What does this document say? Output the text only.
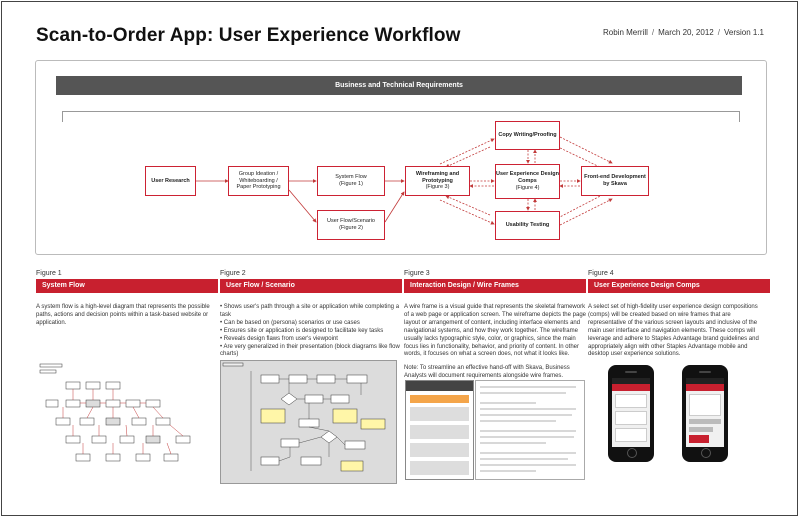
Scan-to-Order App: User Experience Workflow	Robin Merrill / March 20, 2012 / Version 1.1
Business and Technical Requirements
User Research
Group Ideation /
Whiteboarding /
Paper Prototyping
System Flow
(Figure 1)
User Flow/Scenario
(Figure 2)
Wireframing and
Prototyping
(Figure 3)
Copy Writing/Proofing
User Experience Design
Comps
(Figure 4)
Usability Testing
Front-end Development
by Skava
Figure 1
System Flow
A system flow is a high-level diagram that represents the possible paths, actions and decision points within a task-based website or application.
Figure 2
User Flow / Scenario
• Shows user's path through a site or application while completing a task
• Can be based on (persona) scenarios or use cases
• Ensures site or application is designed to facilitate key tasks
• Reveals design flaws from user's viewpoint
• Are very generalized in their presentation (block diagrams like flow charts)
Figure 3
Interaction Design / Wire Frames
A wire frame is a visual guide that represents the skeletal framework of a web page or application screen. The wireframe depicts the page layout or arrangement of content, including interface elements and navigational systems, and how they work together. The wireframe usually lacks typographic style, color, or graphics, since the main focus lies in functionality, behavior, and priority of content. In other words, it focuses on what a screen does, not what it looks like.
Note: To streamline an effective hand-off with Skava, Business Analysts will document requirements alongside wire frames.
Figure 4
User Experience Design Comps
A select set of high-fidelity user experience design compositions (comps) will be created based on wire frames that are representative of the various screen layouts and inclusive of the main user interface and navigation elements. These comps will leverage and adhere to Staples Advantage brand guidelines and appropriately align with other Staples Advantage mobile and desktop user experience solutions.
